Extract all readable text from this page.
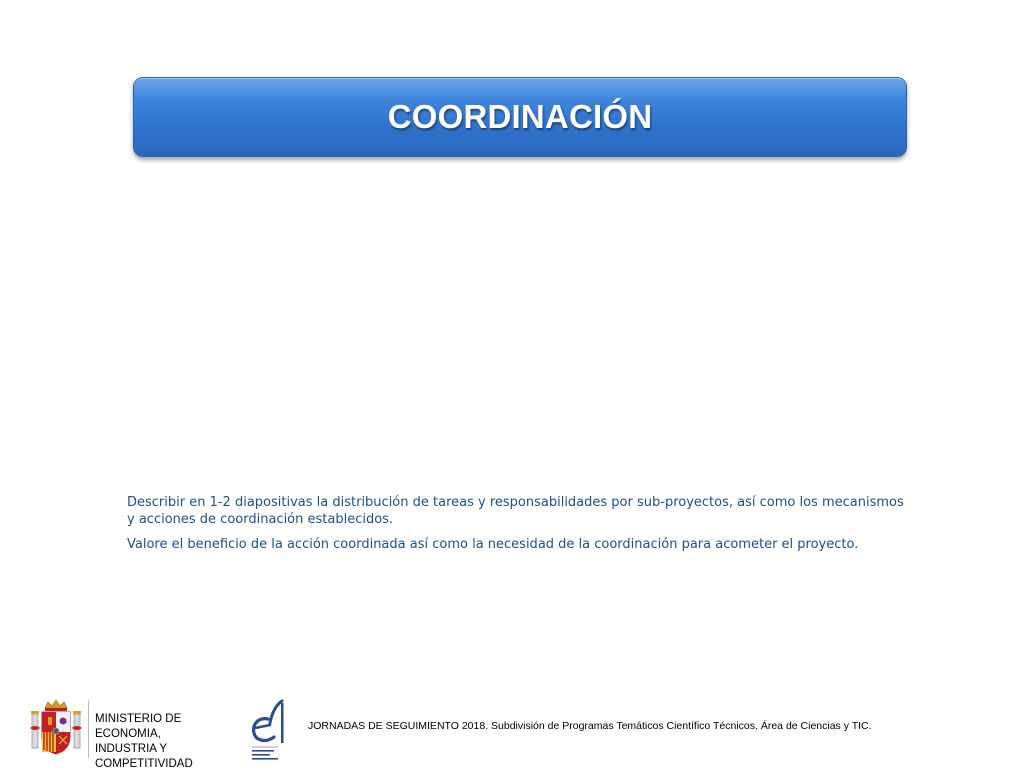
COORDINACIÓN

Describir en 1-2 diapositivas la distribución de tareas y responsabilidades por sub-proyectos, así como los mecanismos y acciones de coordinación establecidos.

Valore el beneficio de la acción coordinada así como la necesidad de la coordinación para acometer el proyecto.

MINISTERIO DE ECONOMIA,
INDUSTRIA Y
COMPETITIVIDAD
JORNADAS DE SEGUIMIENTO 2018. Subdivisión de Programas Temáticos Científico Técnicos. Área de Ciencias y TIC.
